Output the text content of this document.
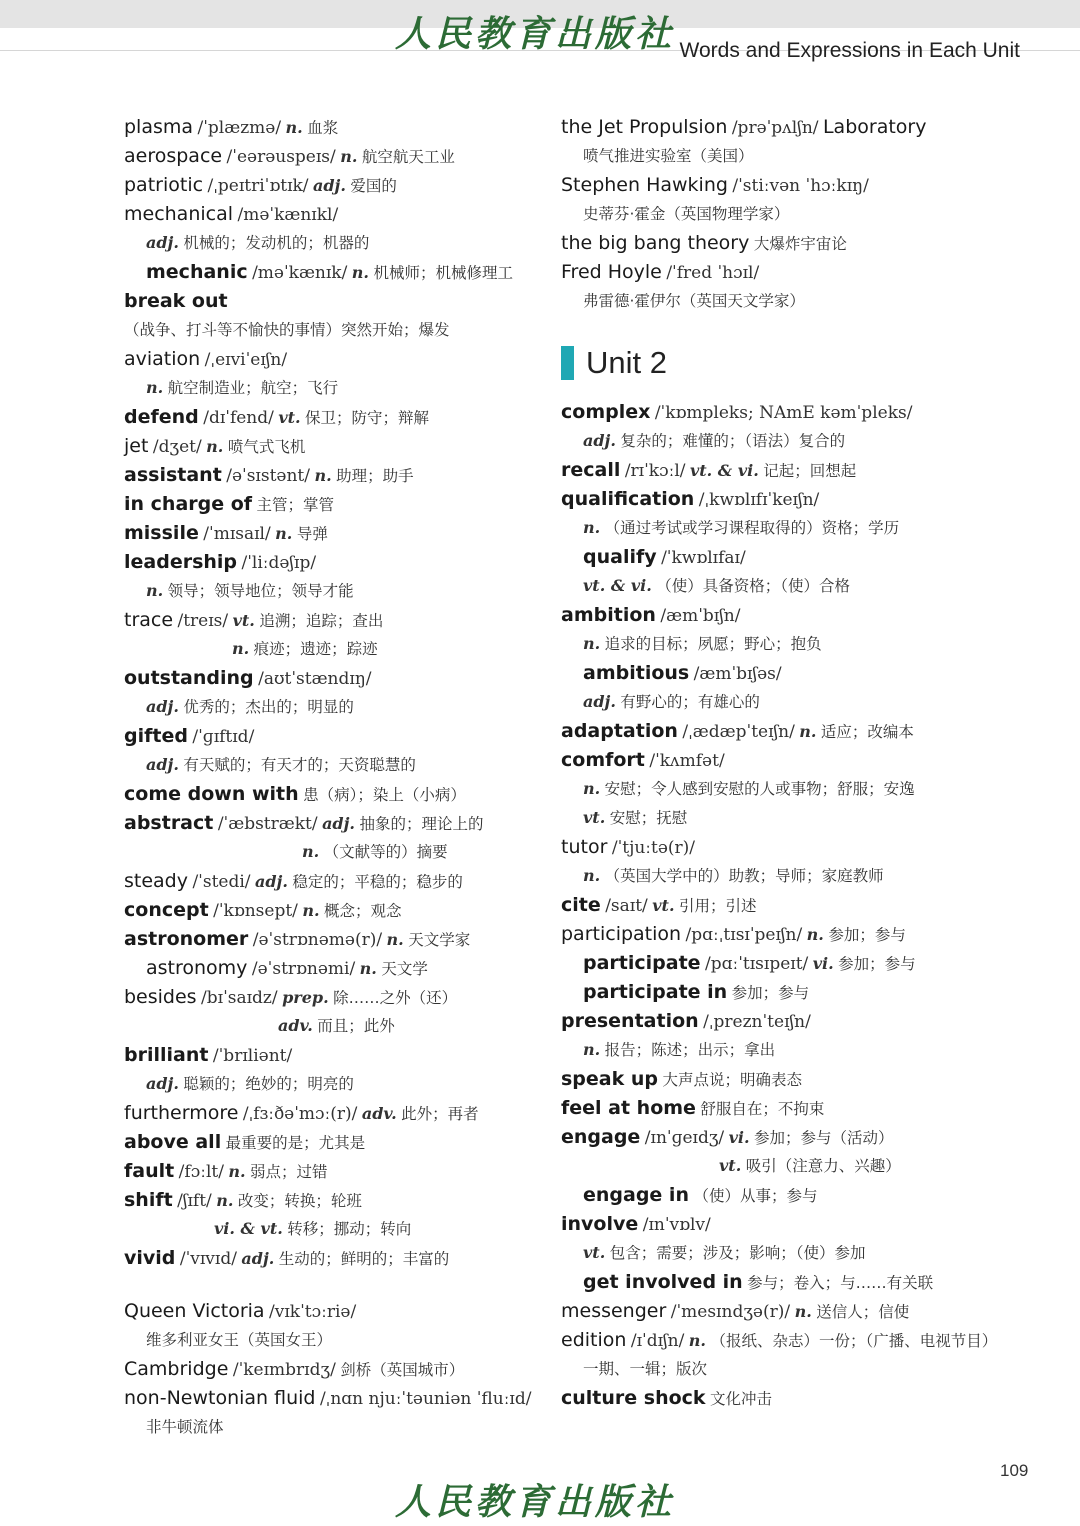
人民教育出版社 Words and Expressions in Each Unit
plasma /ˈplæzmə/ n. 血浆
aerospace /ˈeərəuspeɪs/ n. 航空航天工业
patriotic /ˌpeɪtriˈɒtɪk/ adj. 爱国的
mechanical /məˈkænɪkl/
adj. 机械的；发动机的；机器的
mechanic /məˈkænɪk/ n. 机械师；机械修理工
break out
（战争、打斗等不愉快的事情）突然开始；爆发
aviation /ˌeɪviˈeɪʃn/
n. 航空制造业；航空；飞行
defend /dɪˈfend/ vt. 保卫；防守；辩解
jet /dʒet/ n. 喷气式飞机
assistant /əˈsɪstənt/ n. 助理；助手
in charge of 主管；掌管
missile /ˈmɪsaɪl/ n. 导弹
leadership /ˈliːdəʃɪp/
n. 领导；领导地位；领导才能
trace /treɪs/ vt. 追溯；追踪；查出
n. 痕迹；遗迹；踪迹
outstanding /aʊtˈstændɪŋ/
adj. 优秀的；杰出的；明显的
gifted /ˈɡɪftɪd/
adj. 有天赋的；有天才的；天资聪慧的
come down with 患（病）；染上（小病）
abstract /ˈæbstrækt/ adj. 抽象的；理论上的
n. （文献等的）摘要
steady /ˈstedi/ adj. 稳定的；平稳的；稳步的
concept /ˈkɒnsept/ n. 概念；观念
astronomer /əˈstrɒnəmə(r)/ n. 天文学家
astronomy /əˈstrɒnəmi/ n. 天文学
besides /bɪˈsaɪdz/ prep. 除……之外（还）
adv. 而且；此外
brilliant /ˈbrɪliənt/
adj. 聪颖的；绝妙的；明亮的
furthermore /ˌfɜːðəˈmɔː(r)/ adv. 此外；再者
above all 最重要的是；尤其是
fault /fɔːlt/ n. 弱点；过错
shift /ʃɪft/ n. 改变；转换；轮班
vi. & vt. 转移；挪动；转向
vivid /ˈvɪvɪd/ adj. 生动的；鲜明的；丰富的
Queen Victoria /vɪkˈtɔːriə/
维多利亚女王（英国女王）
Cambridge /ˈkeɪmbrɪdʒ/ 剑桥（英国城市）
non-Newtonian fluid /ˌnɑn njuːˈtəuniən ˈfluːɪd/
非牛顿流体
the Jet Propulsion /prəˈpʌlʃn/ Laboratory
喷气推进实验室（美国）
Stephen Hawking /ˈstiːvən ˈhɔːkɪŋ/
史蒂芬·霍金（英国物理学家）
the big bang theory 大爆炸宇宙论
Fred Hoyle /ˈfred ˈhɔɪl/
弗雷德·霍伊尔（英国天文学家）
complex /ˈkɒmpleks; NAmE kəmˈpleks/
adj. 复杂的；难懂的；（语法）复合的
recall /rɪˈkɔːl/ vt. & vi. 记起；回想起
qualification /ˌkwɒlɪfɪˈkeɪʃn/
n. （通过考试或学习课程取得的）资格；学历
qualify /ˈkwɒlɪfaɪ/
vt. & vi. （使）具备资格；（使）合格
ambition /æmˈbɪʃn/
n. 追求的目标；夙愿；野心；抱负
ambitious /æmˈbɪʃəs/
adj. 有野心的；有雄心的
adaptation /ˌædæpˈteɪʃn/ n. 适应；改编本
comfort /ˈkʌmfət/
n. 安慰；令人感到安慰的人或事物；舒服；安逸
vt. 安慰；抚慰
tutor /ˈtjuːtə(r)/
n. （英国大学中的）助教；导师；家庭教师
cite /saɪt/ vt. 引用；引述
participation /pɑːˌtɪsɪˈpeɪʃn/ n. 参加；参与
participate /pɑːˈtɪsɪpeɪt/ vi. 参加；参与
participate in 参加；参与
presentation /ˌpreznˈteɪʃn/
n. 报告；陈述；出示；拿出
speak up 大声点说；明确表态
feel at home 舒服自在；不拘束
engage /ɪnˈɡeɪdʒ/ vi. 参加；参与（活动）
vt. 吸引（注意力、兴趣）
engage in （使）从事；参与
involve /ɪnˈvɒlv/
vt. 包含；需要；涉及；影响；（使）参加
get involved in 参与；卷入；与……有关联
messenger /ˈmesɪndʒə(r)/ n. 送信人；信使
edition /ɪˈdɪʃn/ n. （报纸、杂志）一份；（广播、电视节目）
一期、一辑；版次
culture shock 文化冲击
Unit 2
109
人民教育出版社
